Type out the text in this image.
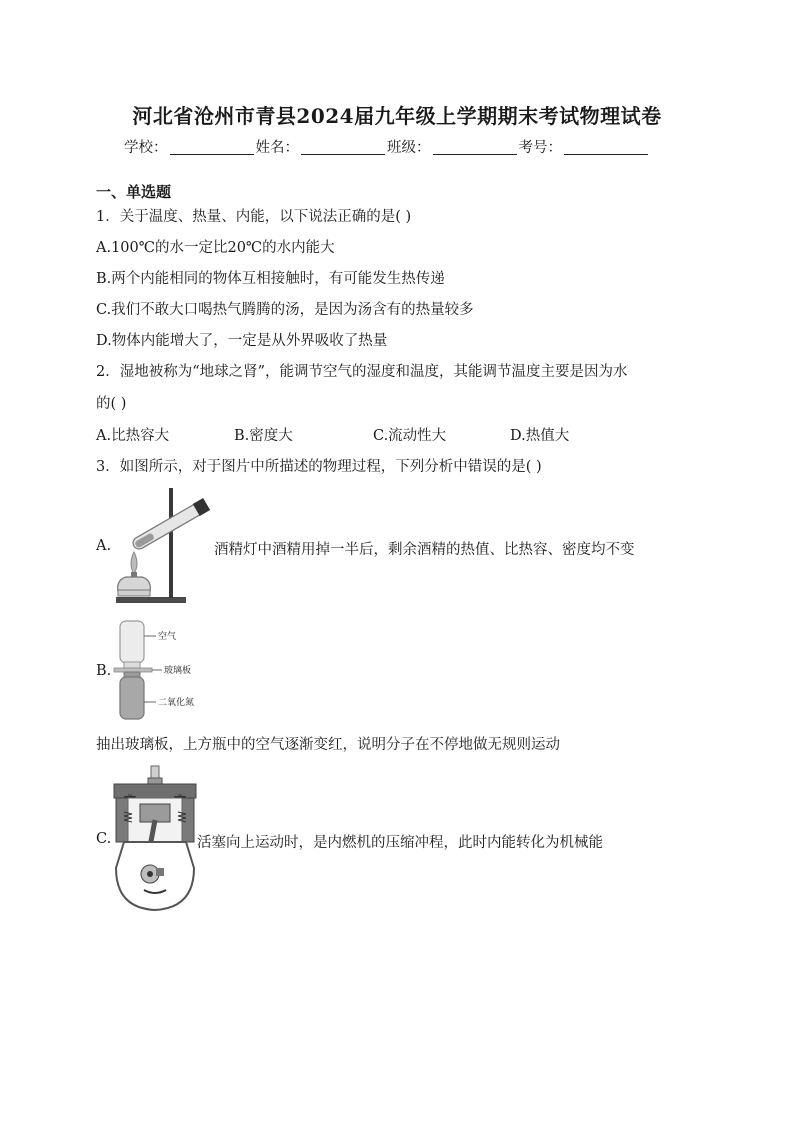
河北省沧州市青县2024届九年级上学期期末考试物理试卷
学校：	姓名：	班级：	考号：
一、单选题
1．关于温度、热量、内能，以下说法正确的是( )
A.100℃的水一定比20℃的水内能大
B.两个内能相同的物体互相接触时，有可能发生热传递
C.我们不敢大口喝热气腾腾的汤，是因为汤含有的热量较多
D.物体内能增大了，一定是从外界吸收了热量
2．湿地被称为“地球之肾”，能调节空气的湿度和温度，其能调节温度主要是因为水
的( )
A.比热容大	B.密度大	C.流动性大	D.热值大
3．如图所示，对于图片中所描述的物理过程，下列分析中错误的是( )
A.	酒精灯中酒精用掉一半后，剩余酒精的热值、比热容、密度均不变
B.
空气
玻璃板
二氧化氮
抽出玻璃板，上方瓶中的空气逐渐变红，说明分子在不停地做无规则运动
C.	活塞向上运动时，是内燃机的压缩冲程，此时内能转化为机械能
